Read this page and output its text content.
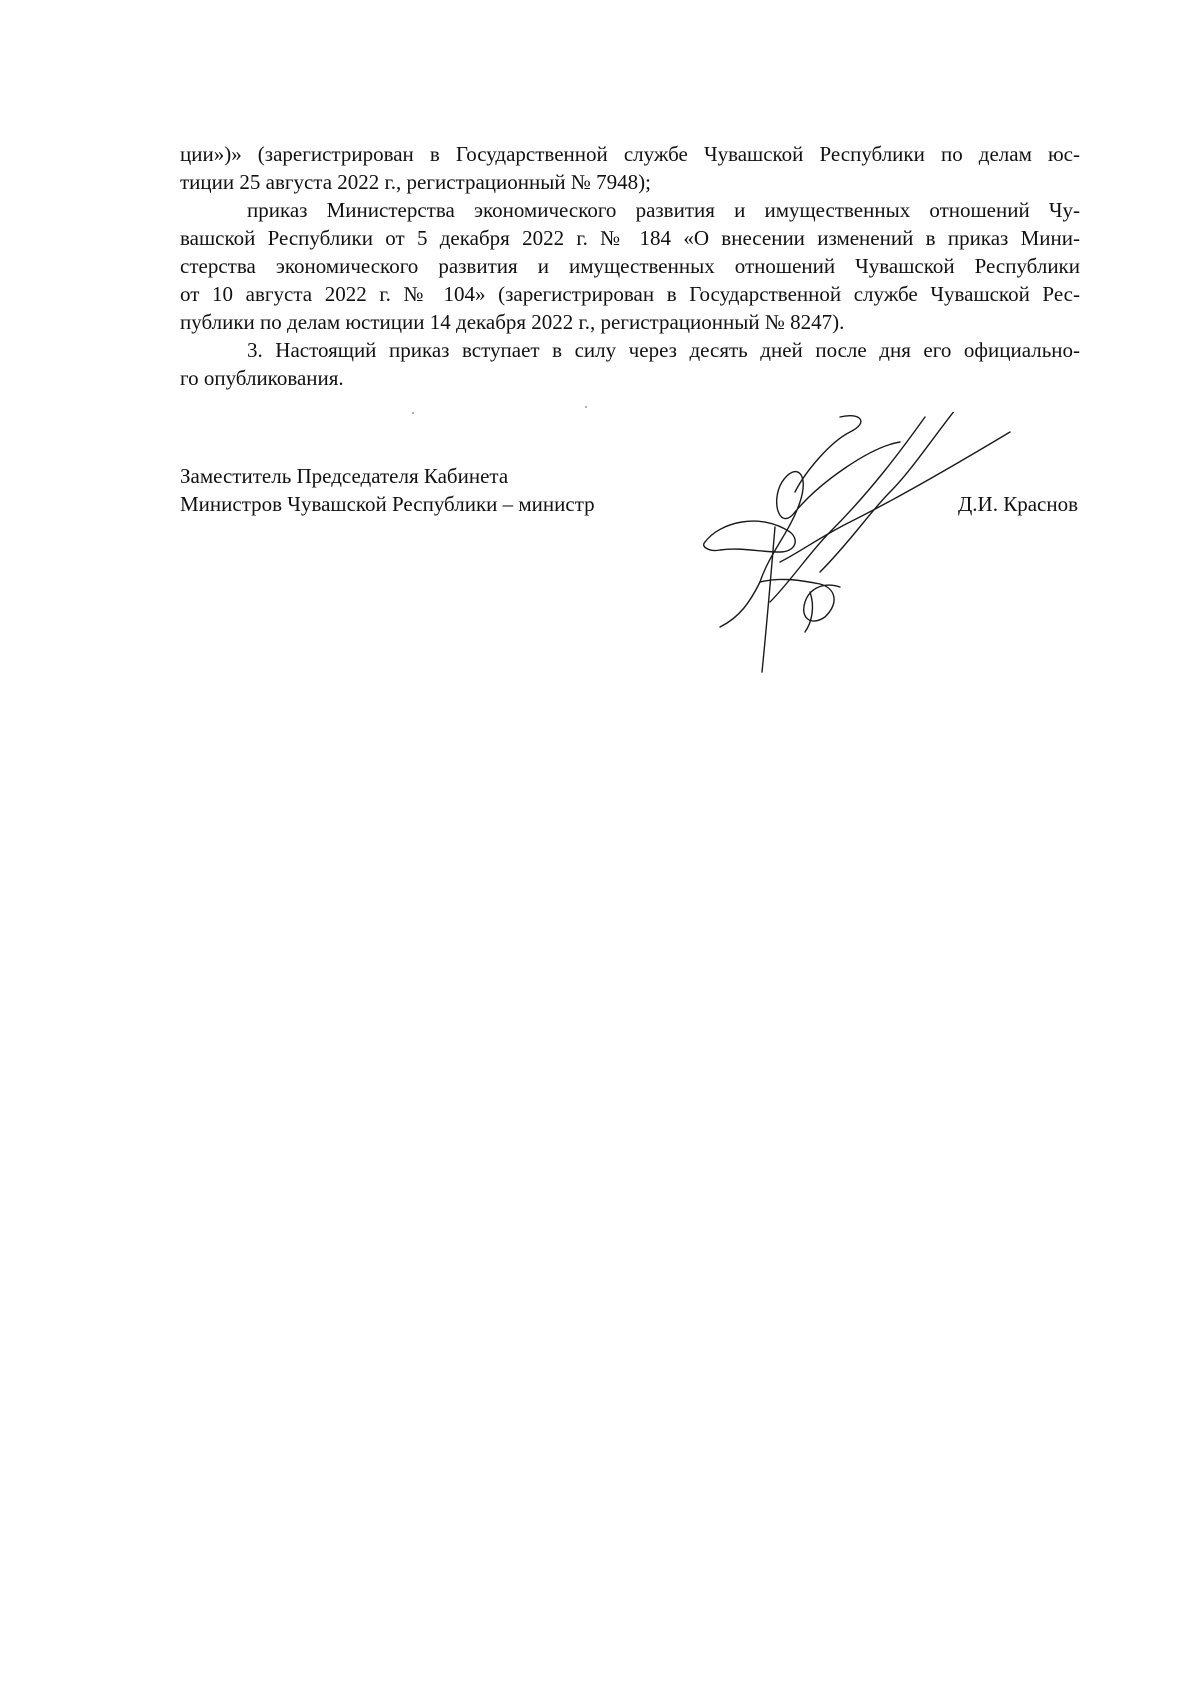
ции»)» (зарегистрирован в Государственной службе Чувашской Республики по делам юс-
тиции 25 августа 2022 г., регистрационный № 7948);
приказ Министерства экономического развития и имущественных отношений Чу-
вашской Республики от 5 декабря 2022 г. № 184 «О внесении изменений в приказ Мини-
стерства экономического развития и имущественных отношений Чувашской Республики
от 10 августа 2022 г. № 104» (зарегистрирован в Государственной службе Чувашской Рес-
публики по делам юстиции 14 декабря 2022 г., регистрационный № 8247).
3. Настоящий приказ вступает в силу через десять дней после дня его официально-
го опубликования.
Заместитель Председателя Кабинета
Министров Чувашской Республики – министр	Д.И. Краснов
